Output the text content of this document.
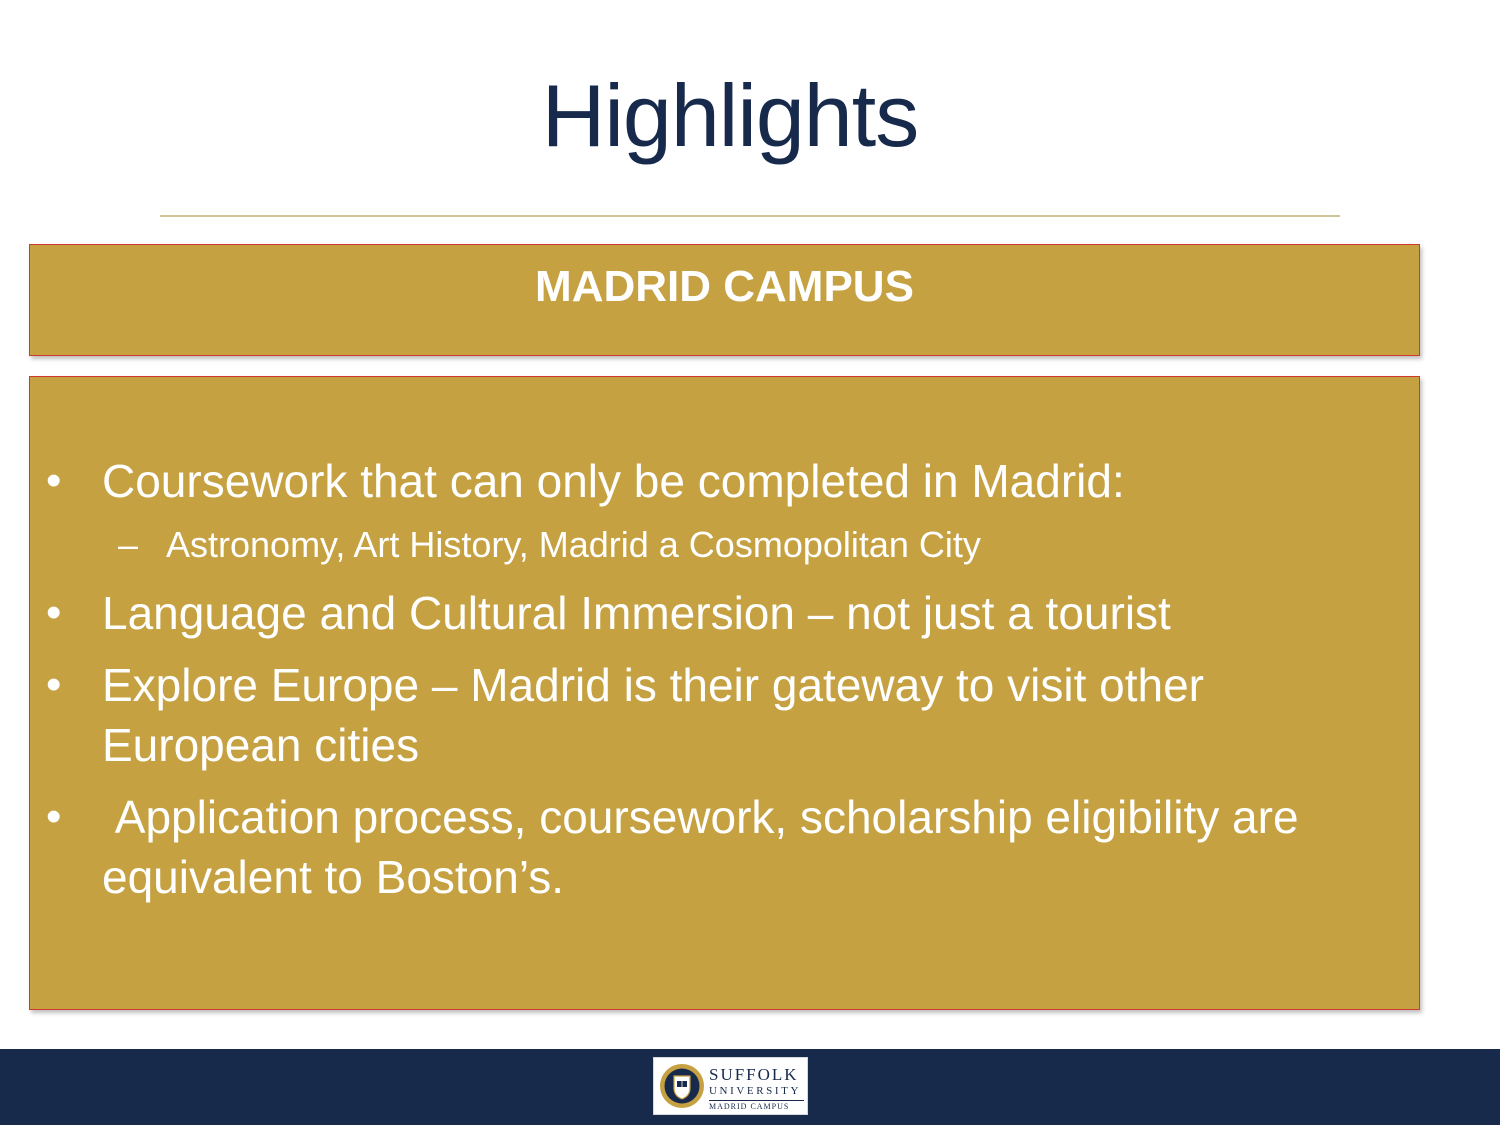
Highlights
MADRID CAMPUS
• Coursework that can only be completed in Madrid:
– Astronomy, Art History, Madrid a Cosmopolitan City
• Language and Cultural Immersion – not just a tourist
• Explore Europe – Madrid is their gateway to visit other European cities
• Application process, coursework, scholarship eligibility are equivalent to Boston’s.
SUFFOLK
UNIVERSITY
MADRID CAMPUS
